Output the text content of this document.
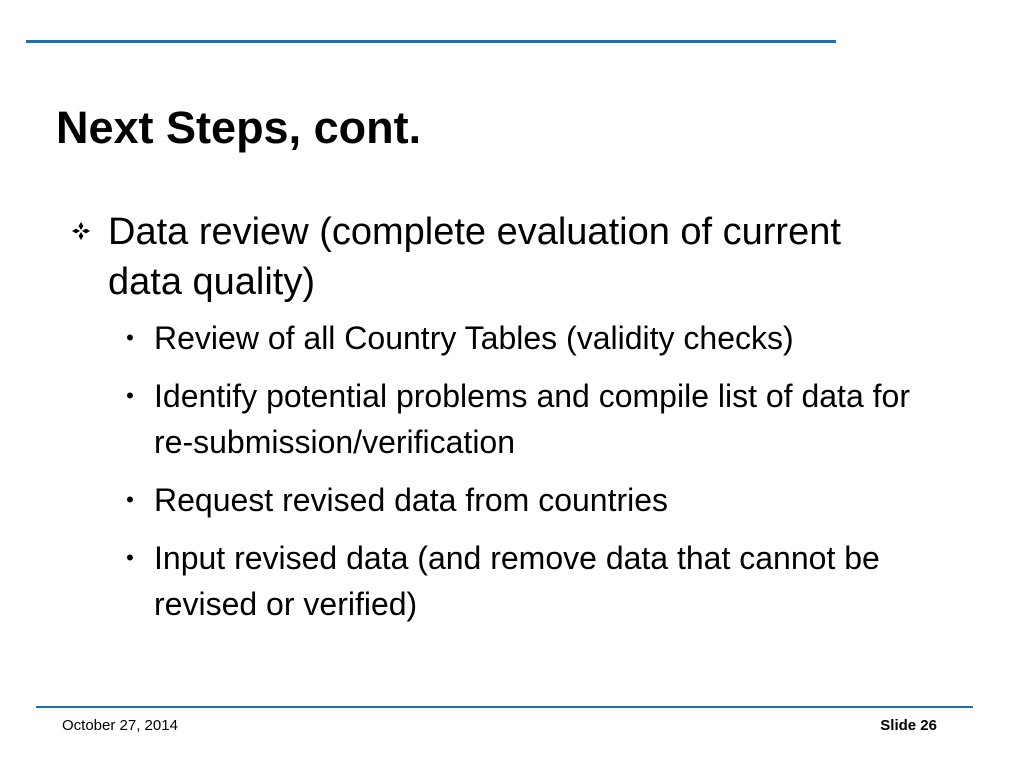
Next Steps, cont.
Data review (complete evaluation of current data quality)
• Review of all Country Tables (validity checks)
• Identify potential problems and compile list of data for re-submission/verification
• Request revised data from countries
• Input revised data (and remove data that cannot be revised or verified)
October 27, 2014	Slide 26
